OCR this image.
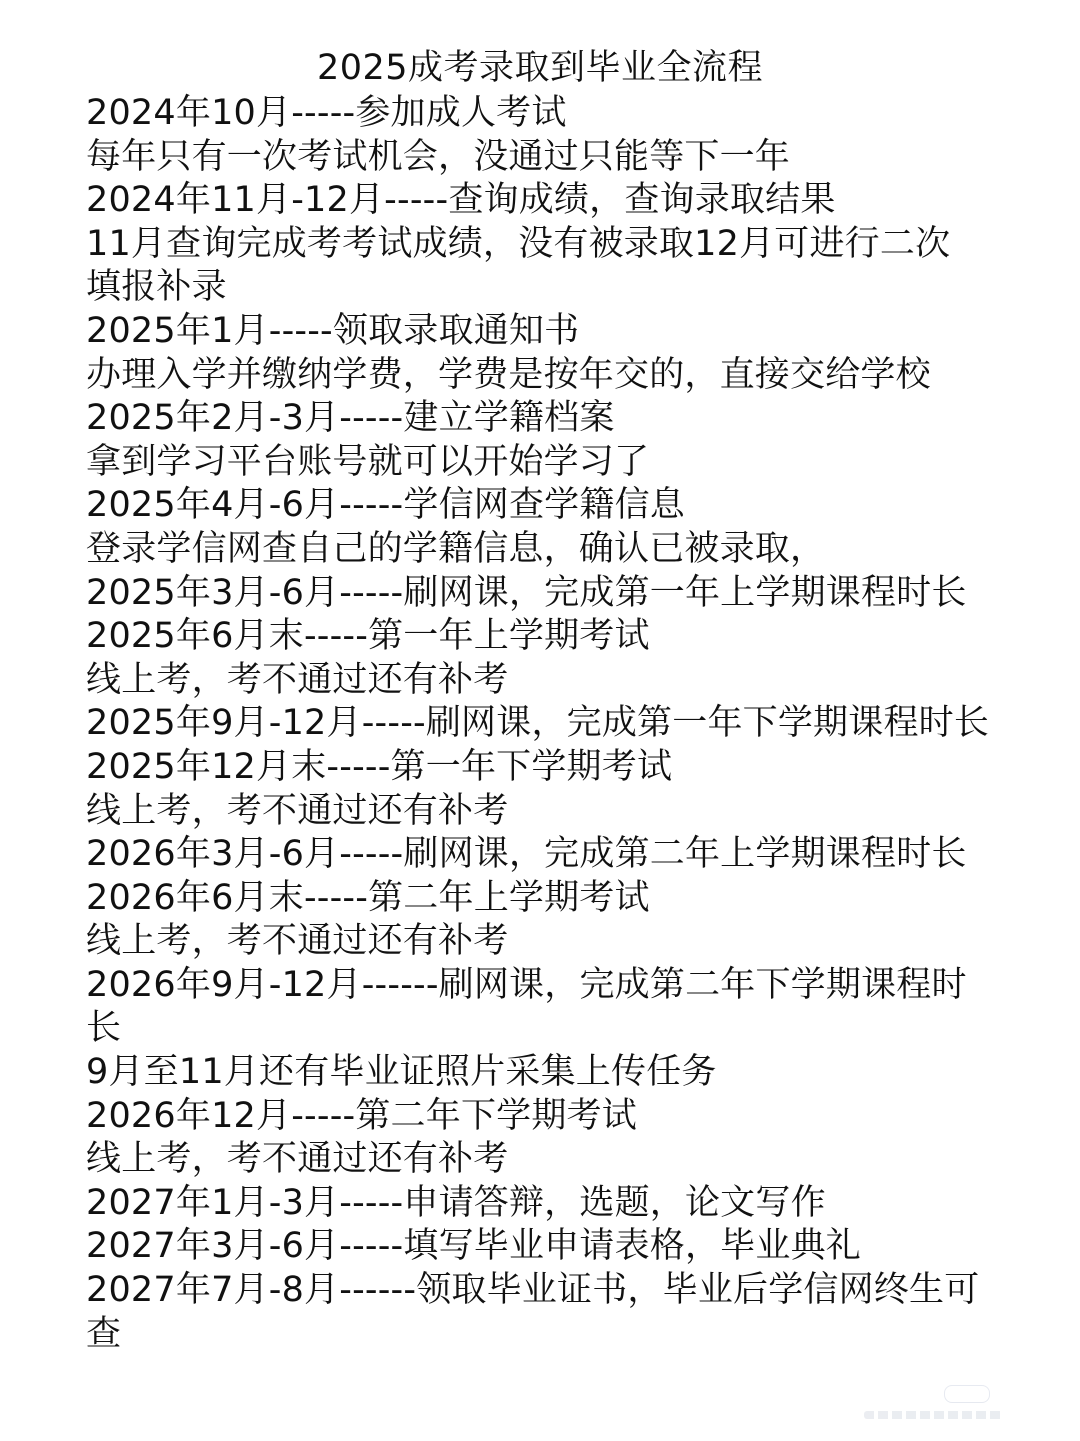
2025成考录取到毕业全流程
2024年10月-----参加成人考试
每年只有一次考试机会，没通过只能等下一年
2024年11月-12月-----查询成绩，查询录取结果
11月查询完成考考试成绩，没有被录取12月可进行二次
填报补录
2025年1月-----领取录取通知书
办理入学并缴纳学费，学费是按年交的，直接交给学校
2025年2月-3月-----建立学籍档案
拿到学习平台账号就可以开始学习了
2025年4月-6月-----学信网查学籍信息
登录学信网查自己的学籍信息，确认已被录取，
2025年3月-6月-----刷网课，完成第一年上学期课程时长
2025年6月末-----第一年上学期考试
线上考，考不通过还有补考
2025年9月-12月-----刷网课，完成第一年下学期课程时长
2025年12月末-----第一年下学期考试
线上考，考不通过还有补考
2026年3月-6月-----刷网课，完成第二年上学期课程时长
2026年6月末-----第二年上学期考试
线上考，考不通过还有补考
2026年9月-12月------刷网课，完成第二年下学期课程时
长
9月至11月还有毕业证照片采集上传任务
2026年12月-----第二年下学期考试
线上考，考不通过还有补考
2027年1月-3月-----申请答辩，选题，论文写作
2027年3月-6月-----填写毕业申请表格，毕业典礼
2027年7月-8月------领取毕业证书，毕业后学信网终生可
查
